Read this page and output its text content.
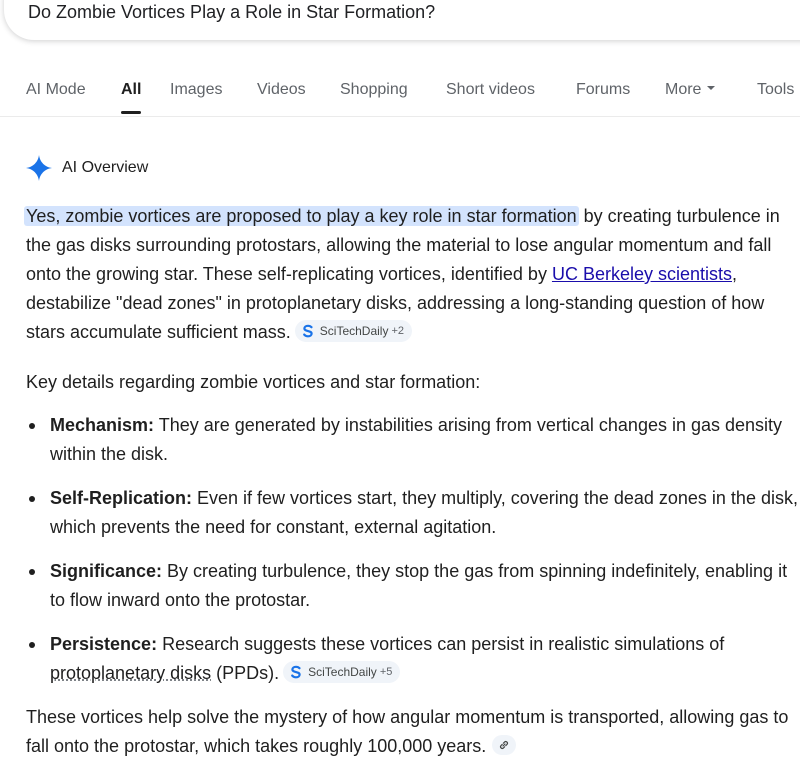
Do Zombie Vortices Play a Role in Star Formation?
AI Mode All Images Videos Shopping Short videos	Forums More	Tools
AI Overview

Yes, zombie vortices are proposed to play a key role in star formation by creating turbulence in the gas disks surrounding protostars, allowing the material to lose angular momentum and fall onto the growing star. These self-replicating vortices, identified by UC Berkeley scientists, destabilize "dead zones" in protoplanetary disks, addressing a long-standing question of how stars accumulate sufficient mass. SciTechDaily +2

Key details regarding zombie vortices and star formation:

Mechanism: They are generated by instabilities arising from vertical changes in gas density within the disk.
Self-Replication: Even if few vortices start, they multiply, covering the dead zones in the disk, which prevents the need for constant, external agitation.
Significance: By creating turbulence, they stop the gas from spinning indefinitely, enabling it to flow inward onto the protostar.
Persistence: Research suggests these vortices can persist in realistic simulations of protoplanetary disks (PPDs). SciTechDaily +5

These vortices help solve the mystery of how angular momentum is transported, allowing gas to fall onto the protostar, which takes roughly 100,000 years.
